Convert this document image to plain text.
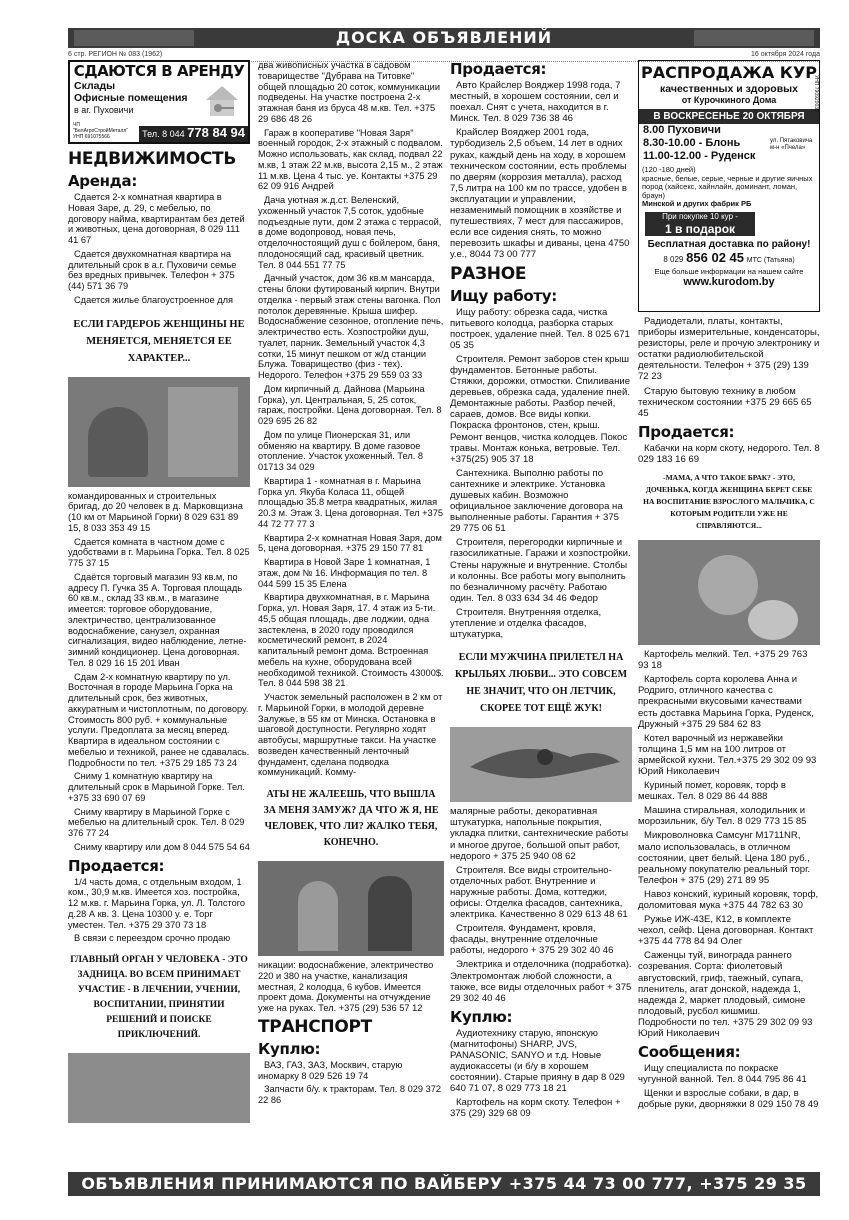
ДОСКА ОБЪЯВЛЕНИЙ
6 стр. РЕГИОН № 083 (1962)	16 октября 2024 года
СДАЮТСЯ В АРЕНДУ
Склады
Офисные помещения
в аг. Пуховичи
ЧП "БелАгроСтройМеталл" УНП 691075566	Тел. 8 044 778 84 94
НЕДВИЖИМОСТЬ
Аренда:

Сдается 2-х комнатная квартира в Новая Заре, д. 29, с мебелью, по договору найма, квартирантам без детей и животных, цена договорная, 8 029 111 41 67

Сдается двухкомнатная квартира на длительный срок в а.г. Пуховичи семье без вредных привычек. Телефон + 375 (44) 571 36 79

Сдается жилье благоустроенное для

ЕСЛИ ГАРДЕРОБ ЖЕНЩИНЫ НЕ МЕНЯЕТСЯ, МЕНЯЕТСЯ ЕЕ ХАРАКТЕР...

командированных и строительных бригад, до 20 человек в д. Марковщизна (10 км от Марьиной Горки) 8 029 631 89 15, 8 033 353 49 15

Сдается комната в частном доме с удобствами в г. Марьина Горка. Тел. 8 025 775 37 15

Сдаётся торговый магазин 93 кв.м, по адресу П. Гучка 35 А. Торговая площадь 60 кв.м., склад 33 кв.м., в магазине имеется: торговое оборудование, электричество, централизованное водоснабжение, санузел, охранная сигнализация, видео наблюдение, летне-зимний кондиционер. Цена договорная. Тел. 8 029 16 15 201 Иван

Сдам 2-х комнатную квартиру по ул. Восточная в городе Марьина Горка на длительный срок, без животных, аккуратным и чистоплотным, по договору. Стоимость 800 руб. + коммунальные услуги. Предоплата за месяц вперед. Квартира в идеальном состоянии с мебелью и техникой, ранее не сдавалась. Подробности по тел. +375 29 185 73 24

Сниму 1 комнатную квартиру на длительный срок в Марьиной Горке. Тел. +375 33 690 07 69

Сниму квартиру в Марьиной Горке с мебелью на длительный срок. Тел. 8 029 376 77 24

Сниму квартиру или дом 8 044 575 54 64

Продается:

1/4 часть дома, с отдельным входом, 1 ком., 30,9 м.кв. Имеется хоз. постройка, 12 м.кв. г. Марьина Горка, ул. Л. Толстого д.28 А кв. 3. Цена 10300 у. е. Торг уместен. Тел. +375 29 370 73 18

В связи с переездом срочно продаю

ГЛАВНЫЙ ОРГАН У ЧЕЛОВЕКА - ЭТО ЗАДНИЦА. ВО ВСЕМ ПРИНИМАЕТ УЧАСТИЕ - В ЛЕЧЕНИИ, УЧЕНИИ, ВОСПИТАНИИ, ПРИНЯТИИ РЕШЕНИЙ И ПОИСКЕ ПРИКЛЮЧЕНИЙ.

два живописных участка в садовом товариществе "Дубрава на Титовке" общей площадью 20 соток, коммуникации подведены. На участке построена 2-х этажная баня из бруса 48 м.кв. Тел. +375 29 686 48 26

Гараж в кооперативе "Новая Заря" военный городок, 2-х этажный с подвалом. Можно использовать, как склад, подвал 22 м.кв, 1 этаж 22 м.кв, высота 2,15 м., 2 этаж 11 м.кв. Цена 4 тыс. уе. Контакты +375 29 62 09 916 Андрей

Дача уютная ж.д.ст. Веленский, ухоженный участок 7,5 соток, удобные подъездные пути, дом 2 этажа с террасой, в доме водопровод, новая печь, отделочностоящий душ с бойлером, баня, плодоносящий сад, красивый цветник. Тел. 8 044 551 77 75

Дачный участок, дом 36 кв.м мансарда, стены блоки футированый кирпич. Внутри отделка - первый этаж стены вагонка. Пол потолок деревянные. Крыша шифер. Водоснабжение сезонное, отопление печь, электричество есть. Хозпостройки душ, туалет, парник. Земельный участок 4,3 сотки, 15 минут пешком от ж/д станции Блужа. Товарищество (физ - тех). Недорого. Телефон +375 29 559 03 33

Дом кирпичный д. Дайнова (Марьина Горка), ул. Центральная, 5, 25 соток, гараж, постройки. Цена договорная. Тел. 8 029 695 26 82

Дом по улице Пионерская 31, или обменяю на квартиру. В доме газовое отопление. Участок ухоженный. Тел. 8 01713 34 029

Квартира 1 - комнатная в г. Марьина Горка ул. Якуба Коласа 11, общей площадью 35.8 метра квадратных, жилая 20.3 м. Этаж 3. Цена договорная. Тел +375 44 72 77 77 3

Квартира 2-х комнатная Новая Заря, дом 5, цена договорная. +375 29 150 77 81

Квартира в Новой Заре 1 комнатная, 1 этаж, дом № 16. Информация по тел. 8 044 599 15 35 Елена

Квартира двухкомнатная, в г. Марьина Горка, ул. Новая Заря, 17. 4 этаж из 5-ти. 45,5 общая площадь, две лоджии, одна застеклена, в 2020 году проводился косметический ремонт, в 2024 капитальный ремонт дома. Встроенная мебель на кухне, оборудована всей необходимой техникой. Стоимость 43000$. Тел. 8 044 598 38 21

Участок земельный расположен в 2 км от г. Марьиной Горки, в молодой деревне Залужье, в 55 км от Минска. Остановка в шаговой доступности. Регулярно ходят автобусы, маршрутные такси. На участке возведен качественный ленточный фундамент, сделана подводка коммуникаций. Комму-

АТЫ НЕ ЖАЛЕЕШЬ, ЧТО ВЫШЛА ЗА МЕНЯ ЗАМУЖ? ДА ЧТО Ж Я, НЕ ЧЕЛОВЕК, ЧТО ЛИ? ЖАЛКО ТЕБЯ, КОНЕЧНО.

никации: водоснабжение, электричество 220 и 380 на участке, канализация местная, 2 колодца, 6 кубов. Имеется проект дома. Документы на отчуждение уже на руках. Тел. +375 (29) 536 57 12

ТРАНСПОРТ
Куплю:

ВАЗ, ГАЗ, ЗАЗ, Москвич, старую иномарку 8 029 526 19 74

Запчасти б/у. к тракторам. Тел. 8 029 372 22 86

Продается:

Авто Крайслер Вояджер 1998 года, 7 местный, в хорошем состоянии, сел и поехал. Снят с учета, находится в г. Минск. Тел. 8 029 736 38 46

Крайслер Вояджер 2001 года, турбодизель 2,5 объем, 14 лет в одних руках, каждый день на ходу, в хорошем техническом состоянии, есть проблемы по дверям (коррозия металла), расход 7,5 литра на 100 км по трассе, удобен в эксплуатации и управлении, незаменимый помощник в хозяйстве и путешествиях, 7 мест для пассажиров, если все сидения снять, то можно перевозить шкафы и диваны, цена 4750 у.е., 8044 73 00 777

РАЗНОЕ
Ищу работу:

Ищу работу: обрезка сада, чистка питьевого колодца, разборка старых построек, удаление пней. Тел. 8 025 671 05 35

Строителя. Ремонт заборов стен крыш фундаментов. Бетонные работы. Стяжки, дорожки, отмостки. Спиливание деревьев, обрезка сада, удаление пней. Демонтажные работы. Разбор печей, сараев, домов. Все виды копки. Покраска фронтонов, стен, крыш. Ремонт венцов, чистка колодцев. Покос травы. Монтаж конька, ветровые. Тел. +375(25) 905 37 18

Сантехника. Выполню работы по сантехнике и электрике. Установка душевых кабин. Возможно официальное заключение договора на выполненные работы. Гарантия + 375 29 775 06 51

Строителя, перегородки кирпичные и газосиликатные. Гаражи и хозпостройки. Стены наружные и внутренние. Столбы и колонны. Все работы могу выполнить по безналичному расчёту. Работаю один. Тел. 8 033 634 34 46 Федор

Строителя. Внутренняя отделка, утепление и отделка фасадов, штукатурка,

ЕСЛИ МУЖЧИНА ПРИЛЕТЕЛ НА КРЫЛЬЯХ ЛЮБВИ... ЭТО СОВСЕМ НЕ ЗНАЧИТ, ЧТО ОН ЛЕТЧИК, СКОРЕЕ ТОТ ЕЩЁ ЖУК!

малярные работы, декоративная штукатурка, напольные покрытия, укладка плитки, сантехнические работы и многое другое, большой опыт работ, недорого + 375 25 940 08 62

Строителя. Все виды строительно-отделочных работ. Внутренние и наружные работы. Дома, коттеджи, офисы. Отделка фасадов, сантехника, электрика. Качественно 8 029 613 48 61

Строителя. Фундамент, кровля, фасады, внутренние отделочные работы, недорого + 375 29 302 40 46

Электрика и отделочника (подработка). Электромонтаж любой сложности, а также, все виды отделочных работ + 375 29 302 40 46

Куплю:

Аудиотехнику старую, японскую (магнитофоны) SHARP, JVS, PANASONIC, SANYO и т.д. Новые аудиокассеты (и б/у в хорошем состоянии). Старые прияну в дар 8 029 640 71 07, 8 029 773 18 21

Картофель на корм скоту. Телефон + 375 (29) 329 68 09

РАСПРОДАЖА КУР
качественных и здоровых
от Курочкиного Дома	УНП 790920035
В ВОСКРЕСЕНЬЕ 20 ОКТЯБРЯ
8.00 Пуховичи
8.30-10.00 - Блонь
11.00-12.00 - Руденск
ул. Пятаковича м-н «Пчела»
(120 -180 дней)
красные, белые, серые, черные и другие яичных пород (хайсекс, хайнлайн, доминант, ломан, браун)
Минской и других фабрик РБ
При покупке 10 кур -
1 в подарок
Бесплатная доставка по району!
8 029 856 02 45 МТС (Татьяна)
Еще больше информации на нашем сайте
www.kurodom.by

Радиодетали, платы, контакты, приборы измерительные, конденсаторы, резисторы, реле и прочую электронику и остатки радиолюбительской деятельности. Телефон + 375 (29) 139 72 23

Старую бытовую технику в любом техническом состоянии +375 29 665 65 45

Продается:

Кабачки на корм скоту, недорого. Тел. 8 029 183 16 69

-МАМА, А ЧТО ТАКОЕ БРАК? - ЭТО, ДОЧЕНЬКА, КОГДА ЖЕНЩИНА БЕРЕТ СЕБЕ НА ВОСПИТАНИЕ ВЗРОСЛОГО МАЛЬЧИКА, С КОТОРЫМ РОДИТЕЛИ УЖЕ НЕ СПРАВЛЯЮТСЯ...

Картофель мелкий. Тел. +375 29 763 93 18

Картофель сорта королева Анна и Родриго, отличного качества с прекрасными вкусовыми качествами есть доставка Марьина Горка, Руденск, Дружный +375 29 584 62 83

Котел варочный из нержавейки толщина 1,5 мм на 100 литров от армейской кухни. Тел.+375 29 302 09 93 Юрий Николаевич

Куриный помет, коровяк, торф в мешках. Тел. 8 029 86 44 888

Машина стиральная, холодильник и морозильник, б/у Тел. 8 029 773 15 85

Микроволновка Самсунг М1711NR, мало использовалась, в отличном состоянии, цвет белый. Цена 180 руб., реальному покупателю реальный торг. Телефон + 375 (29) 271 89 95

Навоз конский, куриный коровяк, торф, доломитовая мука +375 44 782 63 30

Ружье ИЖ-43Е, К12, в комплекте чехол, сейф. Цена договорная. Контакт +375 44 778 84 94 Олег

Саженцы туй, винограда раннего созревания. Сорта: фиолетовый августовский, гриф, таежный, супага, пленитель, агат донской, надежда 1, надежда 2, маркет плодовый, симоне плодовый, русбол кишмиш. Подробности по тел. +375 29 302 09 93 Юрий Николаевич

Сообщения:

Ищу специалиста по покраске чугунной ванной. Тел. 8 044 795 86 41

Щенки и взрослые собаки, в дар, в добрые руки, дворняжки 8 029 150 78 49

ОБЪЯВЛЕНИЯ ПРИНИМАЮТСЯ ПО ВАЙБЕРУ +375 44 73 00 777, +375 29 35 53 005
